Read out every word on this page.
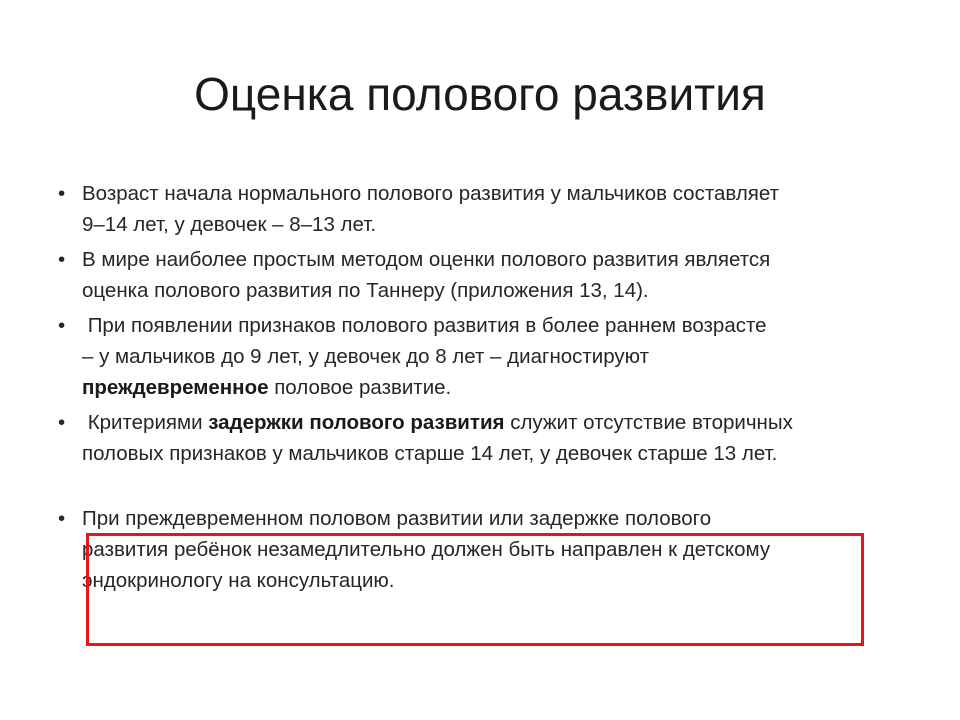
Оценка полового развития
• Возраст начала нормального полового развития у мальчиков составляет
9–14 лет, у девочек – 8–13 лет.
• В мире наиболее простым методом оценки полового развития является
оценка полового развития по Таннеру (приложения 13, 14).
• При появлении признаков полового развития в более раннем возрасте
– у мальчиков до 9 лет, у девочек до 8 лет – диагностируют
преждевременное половое развитие.
• Критериями задержки полового развития служит отсутствие вторичных
половых признаков у мальчиков старше 14 лет, у девочек старше 13 лет.
• При преждевременном половом развитии или задержке полового
развития ребёнок незамедлительно должен быть направлен к детскому
эндокринологу на консультацию.
